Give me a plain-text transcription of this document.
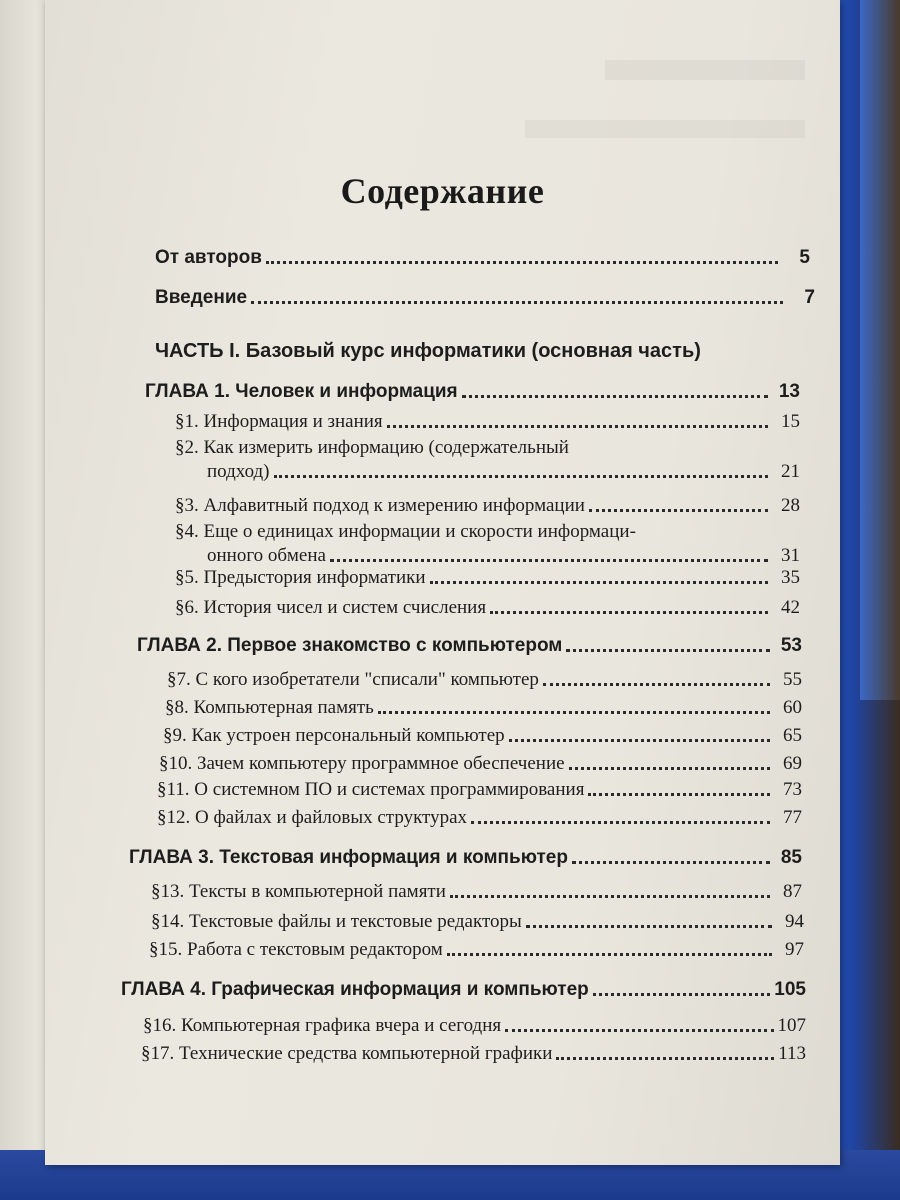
Содержание
От авторов	5
Введение	7
ЧАСТЬ I. Базовый курс информатики (основная часть)
ГЛАВА 1. Человек и информация	13
§1. Информация и знания	15
§2. Как измерить информацию (содержательный
подход)	21
§3. Алфавитный подход к измерению информации	28
§4. Еще о единицах информации и скорости информаци-
онного обмена	31
§5. Предыстория информатики	35
§6. История чисел и систем счисления	42
ГЛАВА 2. Первое знакомство с компьютером	53
§7. С кого изобретатели "списали" компьютер	55
§8. Компьютерная память	60
§9. Как устроен персональный компьютер	65
§10. Зачем компьютеру программное обеспечение	69
§11. О системном ПО и системах программирования	73
§12. О файлах и файловых структурах	77
ГЛАВА 3. Текстовая информация и компьютер	85
§13. Тексты в компьютерной памяти	87
§14. Текстовые файлы и текстовые редакторы	94
§15. Работа с текстовым редактором	97
ГЛАВА 4. Графическая информация и компьютер	105
§16. Компьютерная графика вчера и сегодня	107
§17. Технические средства компьютерной графики	113
